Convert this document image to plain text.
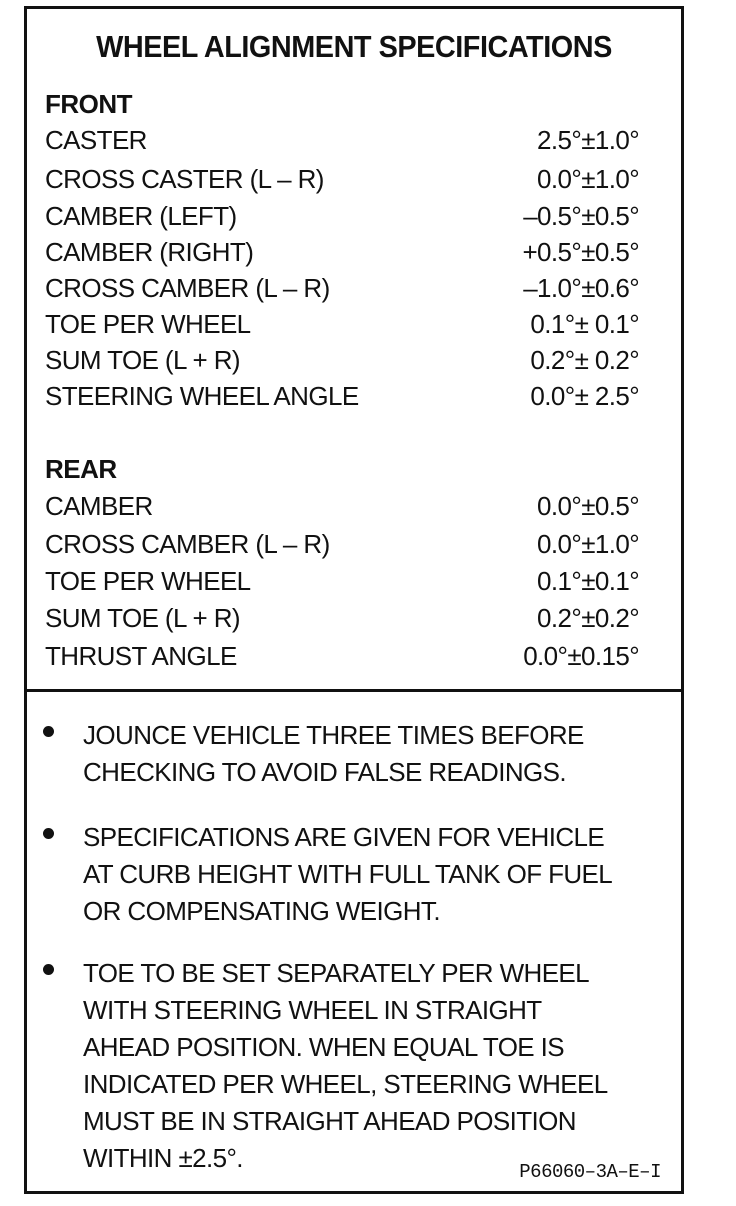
WHEEL ALIGNMENT SPECIFICATIONS
FRONT
CASTER	2.5°±1.0°
CROSS CASTER (L – R)	0.0°±1.0°
CAMBER (LEFT)	–0.5°±0.5°
CAMBER (RIGHT)	+0.5°±0.5°
CROSS CAMBER (L – R)	–1.0°±0.6°
TOE PER WHEEL	0.1°± 0.1°
SUM TOE (L + R)	0.2°± 0.2°
STEERING WHEEL ANGLE	0.0°± 2.5°
REAR
CAMBER	0.0°±0.5°
CROSS CAMBER (L – R)	0.0°±1.0°
TOE PER WHEEL	0.1°±0.1°
SUM TOE (L + R)	0.2°±0.2°
THRUST ANGLE	0.0°±0.15°
JOUNCE VEHICLE THREE TIMES BEFORE
CHECKING TO AVOID FALSE READINGS.
SPECIFICATIONS ARE GIVEN FOR VEHICLE
AT CURB HEIGHT WITH FULL TANK OF FUEL
OR COMPENSATING WEIGHT.
TOE TO BE SET SEPARATELY PER WHEEL
WITH STEERING WHEEL IN STRAIGHT
AHEAD POSITION. WHEN EQUAL TOE IS
INDICATED PER WHEEL, STEERING WHEEL
MUST BE IN STRAIGHT AHEAD POSITION
WITHIN ±2.5°.	P66060–3A–E–I
